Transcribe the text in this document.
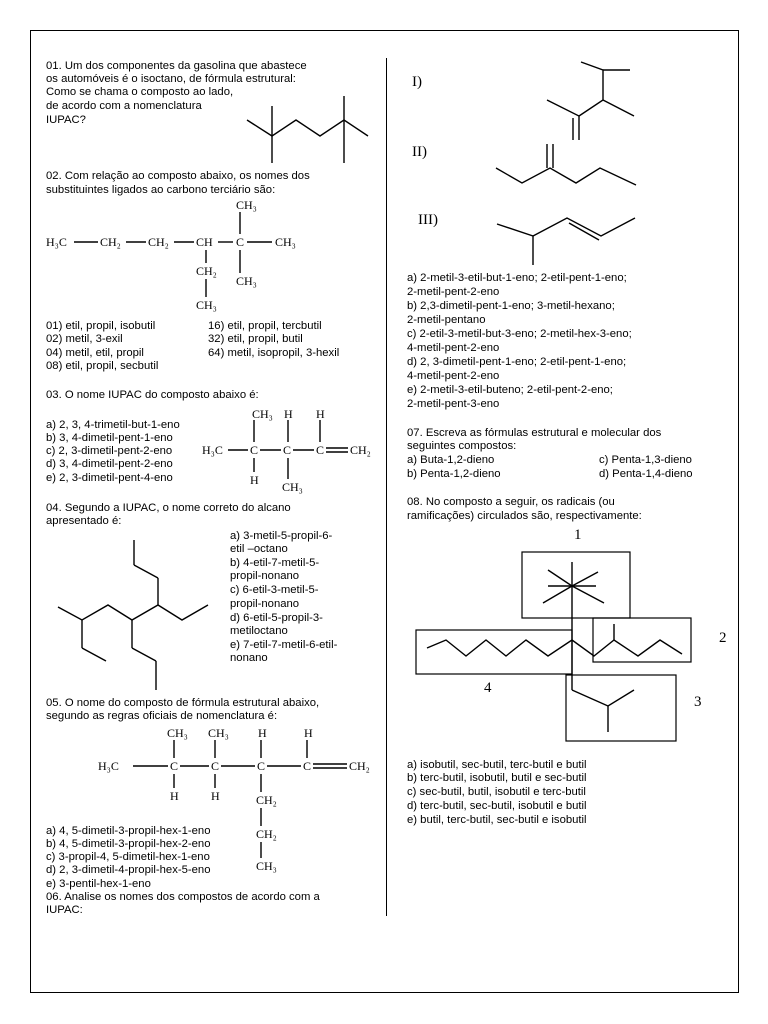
01. Um dos componentes da gasolina que abastece
os automóveis é o isoctano, de fórmula estrutural:
Como se chama o composto ao lado,
de acordo com a nomenclatura
IUPAC?
02. Com relação ao composto abaixo, os nomes dos
substituintes ligados ao carbono terciário são:
H₃C	CH₂ CH₂ CH C	CH₃
CH₃
CH₃
CH₂
CH₃
01) etil, propil, isobutil
02) metil, 3-exil
04) metil, etil, propil
08) etil, propil, secbutil
16) etil, propil, tercbutil
32) etil, propil, butil
64) metil, isopropil, 3-hexil
03. O nome IUPAC do composto abaixo é:
a) 2, 3, 4-trimetil-but-1-eno
b) 3, 4-dimetil-pent-1-eno
c) 2, 3-dimetil-pent-2-eno
d) 3, 4-dimetil-pent-2-eno
e) 2, 3-dimetil-pent-4-eno
H₃C C C C CH₂
CH₃ H H
H CH₃
04. Segundo a IUPAC, o nome correto do alcano
apresentado é:
a) 3-metil-5-propil-6-
etil –octano
b) 4-etil-7-metil-5-
propil-nonano
c) 6-etil-3-metil-5-
propil-nonano
d) 6-etil-5-propil-3-
metiloctano
e) 7-etil-7-metil-6-etil-
nonano
05. O nome do composto de fórmula estrutural abaixo,
segundo as regras oficiais de nomenclatura é:
H₃C	C	C	C	C	CH₂
CH₃ CH₃ H	H
H	H	CH₂
CH₂
CH₃
a) 4, 5-dimetil-3-propil-hex-1-eno
b) 4, 5-dimetil-3-propil-hex-2-eno
c) 3-propil-4, 5-dimetil-hex-1-eno
d) 2, 3-dimetil-4-propil-hex-5-eno
e) 3-pentil-hex-1-eno
06. Analise os nomes dos compostos de acordo com a
IUPAC:
I)
II)
III)
a) 2-metil-3-etil-but-1-eno; 2-etil-pent-1-eno;
2-metil-pent-2-eno
b) 2,3-dimetil-pent-1-eno; 3-metil-hexano;
2-metil-pentano
c) 2-etil-3-metil-but-3-eno; 2-metil-hex-3-eno;
4-metil-pent-2-eno
d) 2, 3-dimetil-pent-1-eno; 2-etil-pent-1-eno;
4-metil-pent-2-eno
e) 2-metil-3-etil-buteno; 2-etil-pent-2-eno;
2-metil-pent-3-eno
07. Escreva as fórmulas estrutural e molecular dos
seguintes compostos:
a) Buta-1,2-dieno
b) Penta-1,2-dieno
c) Penta-1,3-dieno
d) Penta-1,4-dieno
08. No composto a seguir, os radicais (ou
ramificações) circulados são, respectivamente:
1
2
3
4
a) isobutil, sec-butil, terc-butil e butil
b) terc-butil, isobutil, butil e sec-butil
c) sec-butil, butil, isobutil e terc-butil
d) terc-butil, sec-butil, isobutil e butil
e) butil, terc-butil, sec-butil e isobutil
